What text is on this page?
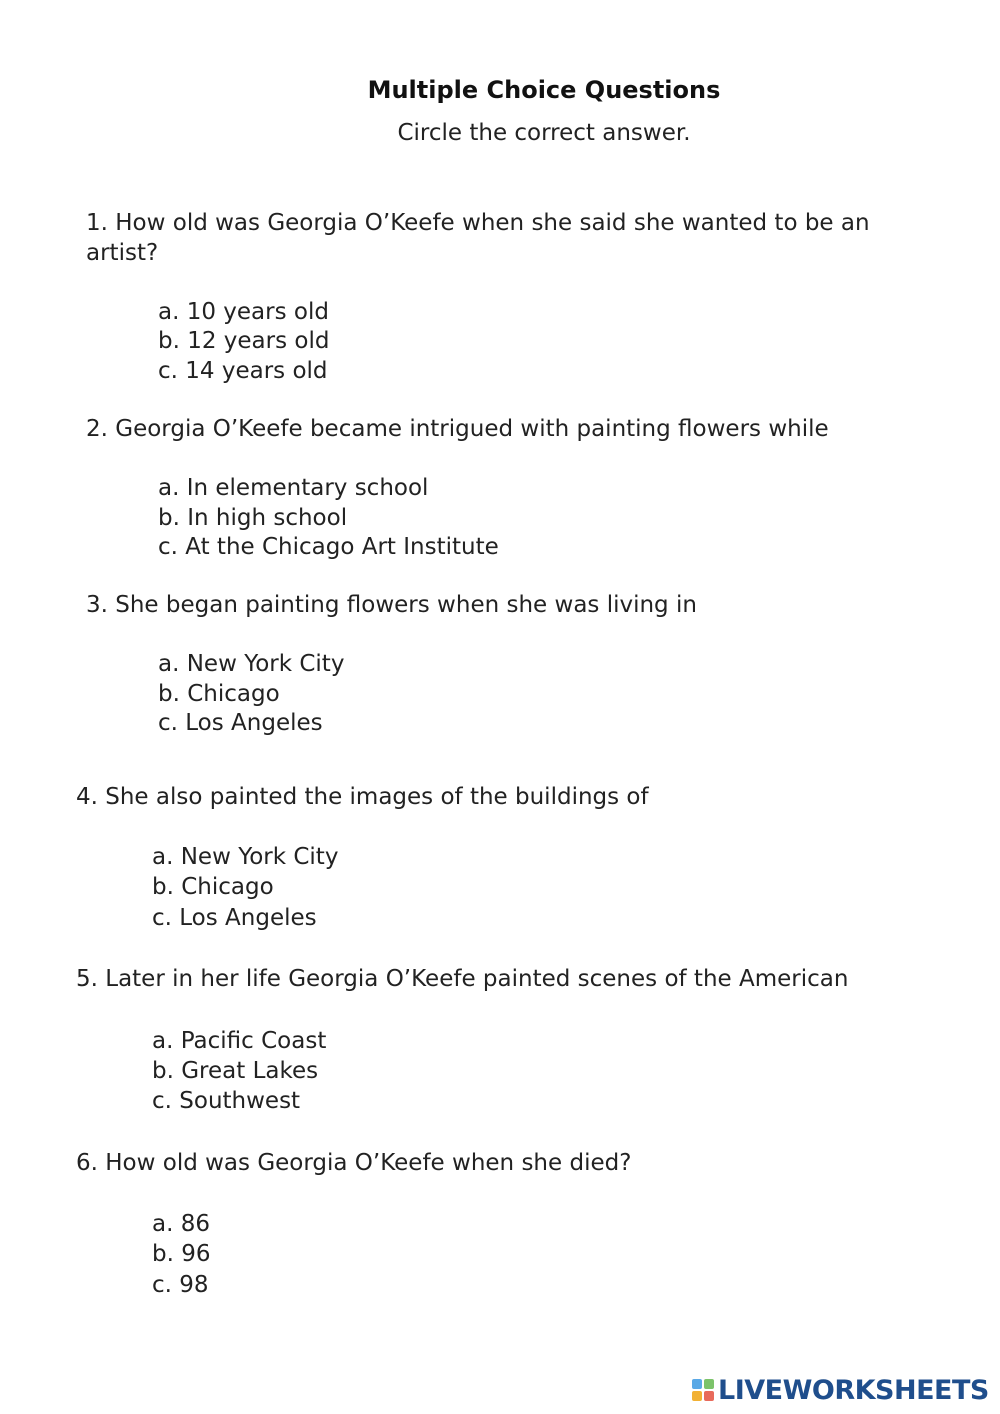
Multiple Choice Questions
Circle the correct answer.
1. How old was Georgia O’Keefe when she said she wanted to be an artist?
a. 10 years old
b. 12 years old
c. 14 years old
2. Georgia O’Keefe became intrigued with painting flowers while
a. In elementary school
b. In high school
c. At the Chicago Art Institute
3. She began painting flowers when she was living in
a. New York City
b. Chicago
c. Los Angeles
4. She also painted the images of the buildings of
a. New York City
b. Chicago
c. Los Angeles
5. Later in her life Georgia O’Keefe painted scenes of the American
a. Pacific Coast
b. Great Lakes
c. Southwest
6. How old was Georgia O’Keefe when she died?
a. 86
b. 96
c. 98
LIVEWORKSHEETS
